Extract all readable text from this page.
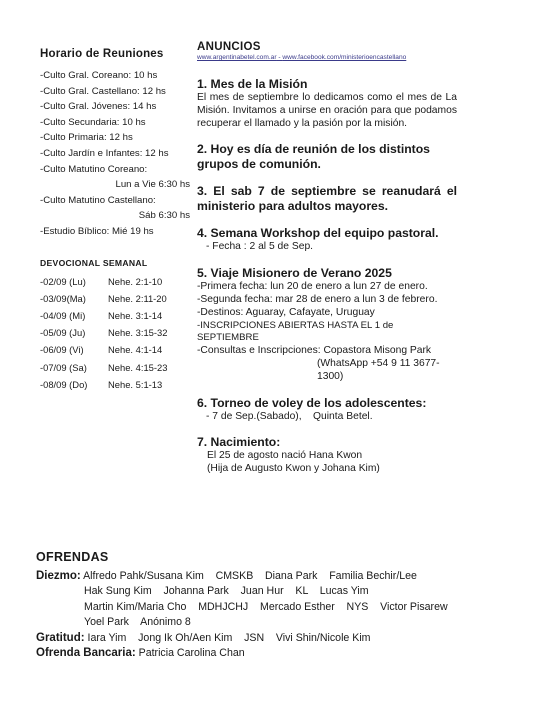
Horario de Reuniones
-Culto Gral. Coreano: 10 hs
-Culto Gral. Castellano: 12 hs
-Culto Gral. Jóvenes: 14 hs
-Culto Secundaria: 10 hs
-Culto Primaria: 12 hs
-Culto Jardín e Infantes: 12 hs
-Culto Matutino Coreano:
Lun a Vie 6:30 hs
-Culto Matutino Castellano:
Sáb 6:30 hs
-Estudio Bíblico: Mié 19 hs
DEVOCIONAL SEMANAL
-02/09 (Lu)	Nehe. 2:1-10
-03/09(Ma)	Nehe. 2:11-20
-04/09 (Mi)	Nehe. 3:1-14
-05/09 (Ju)	Nehe. 3:15-32
-06/09 (Vi)	Nehe. 4:1-14
-07/09 (Sa)	Nehe. 4:15-23
-08/09 (Do)	Nehe. 5:1-13
ANUNCIOS
www.argentinabetel.com.ar - www.facebook.com/ministerioencastellano
1. Mes de la Misión
El mes de septiembre lo dedicamos como el mes de La Misión. Invitamos a unirse en oración para que podamos recuperar el llamado y la pasión por la misión.
2. Hoy es día de reunión de los distintos grupos de comunión.
3. El sab 7 de septiembre se reanudará el ministerio para adultos mayores.
4. Semana Workshop del equipo pastoral.
- Fecha : 2 al 5 de Sep.
5. Viaje Misionero de Verano 2025
-Primera fecha: lun 20 de enero a lun 27 de enero.
-Segunda fecha: mar 28 de enero a lun 3 de febrero.
-Destinos: Aguaray, Cafayate, Uruguay
-INSCRIPCIONES ABIERTAS HASTA EL 1 de SEPTIEMBRE
-Consultas e Inscripciones: Copastora Misong Park
(WhatsApp +54 9 11 3677-1300)
6. Torneo de voley de los adolescentes:
- 7 de Sep.(Sabado),    Quinta Betel.
7. Nacimiento:
El 25 de agosto nació Hana Kwon
(Hija de Augusto Kwon y Johana Kim)
OFRENDAS
Diezmo: Alfredo Pahk/Susana Kim    CMSKB    Diana Park    Familia Bechir/Lee
Hak Sung Kim    Johanna Park    Juan Hur    KL    Lucas Yim
Martin Kim/Maria Cho    MDHJCHJ    Mercado Esther    NYS    Victor Pisarew
Yoel Park    Anónimo 8
Gratitud: Iara Yim    Jong Ik Oh/Aen Kim    JSN    Vivi Shin/Nicole Kim
Ofrenda Bancaria: Patricia Carolina Chan
